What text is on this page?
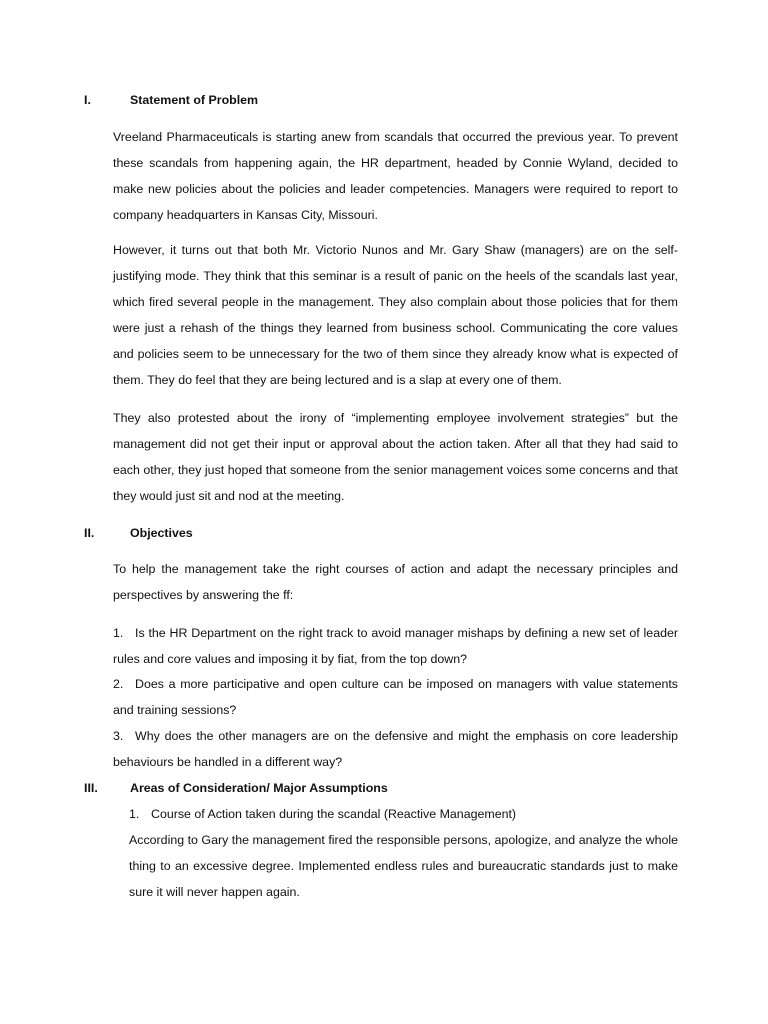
I.	Statement of Problem

Vreeland Pharmaceuticals is starting anew from scandals that occurred the previous year. To prevent these scandals from happening again, the HR department, headed by Connie Wyland, decided to make new policies about the policies and leader competencies. Managers were required to report to company headquarters in Kansas City, Missouri.

However, it turns out that both Mr. Victorio Nunos and Mr. Gary Shaw (managers) are on the self-justifying mode. They think that this seminar is a result of panic on the heels of the scandals last year, which fired several people in the management. They also complain about those policies that for them were just a rehash of the things they learned from business school. Communicating the core values and policies seem to be unnecessary for the two of them since they already know what is expected of them. They do feel that they are being lectured and is a slap at every one of them.

They also protested about the irony of “implementing employee involvement strategies” but the management did not get their input or approval about the action taken. After all that they had said to each other, they just hoped that someone from the senior management voices some concerns and that they would just sit and nod at the meeting.

II.	Objectives

To help the management take the right courses of action and adapt the necessary principles and perspectives by answering the ff:

1. Is the HR Department on the right track to avoid manager mishaps by defining a new set of leader rules and core values and imposing it by fiat, from the top down?

2. Does a more participative and open culture can be imposed on managers with value statements and training sessions?

3. Why does the other managers are on the defensive and might the emphasis on core leadership behaviours be handled in a different way?

III.	Areas of Consideration/ Major Assumptions

1. Course of Action taken during the scandal (Reactive Management)

According to Gary the management fired the responsible persons, apologize, and analyze the whole thing to an excessive degree. Implemented endless rules and bureaucratic standards just to make sure it will never happen again.
